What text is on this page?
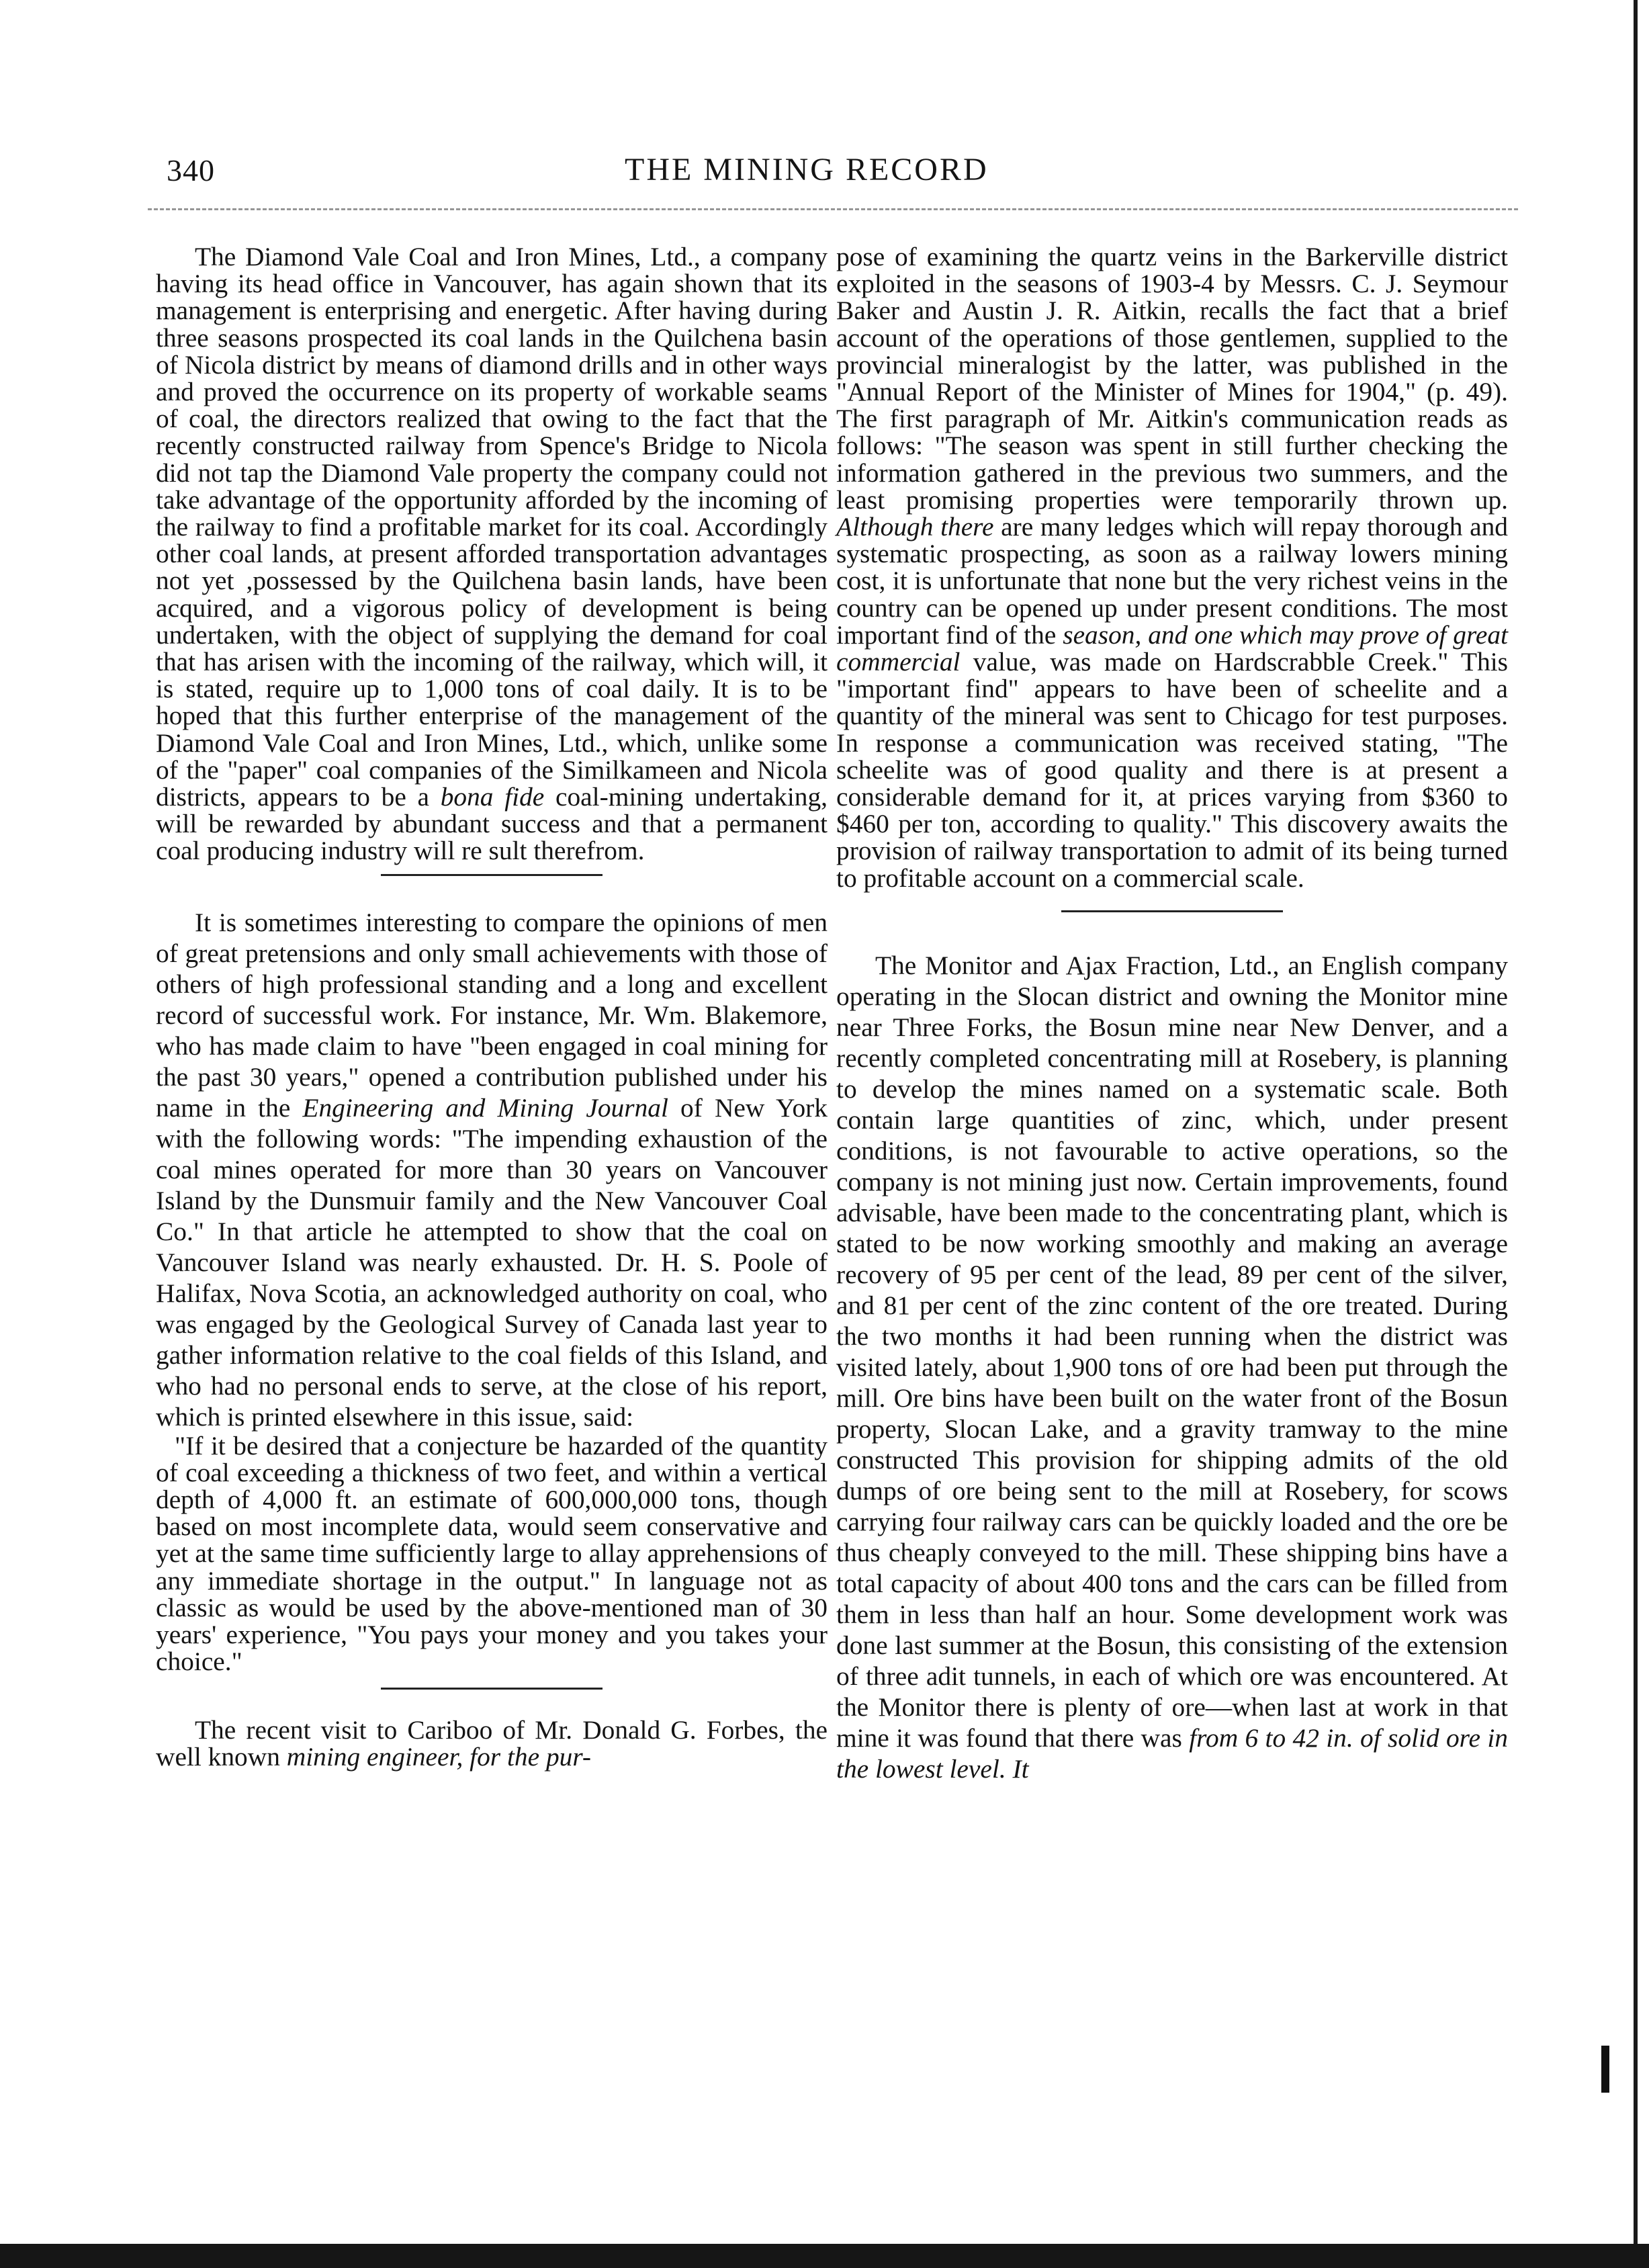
340	THE MINING RECORD

The Diamond Vale Coal and Iron Mines, Ltd., a company having its head office in Vancouver, has again shown that its management is enterprising and energetic. After having during three seasons prospected its coal lands in the Quilchena basin of Nicola district by means of diamond drills and in other ways and proved the occurrence on its property of workable seams of coal, the directors realized that owing to the fact that the recently constructed railway from Spence's Bridge to Nicola did not tap the Diamond Vale property the company could not take advantage of the opportunity afforded by the incoming of the railway to find a profitable market for its coal. Accordingly other coal lands, at present afforded transportation advantages not yet ,possessed by the Quilchena basin lands, have been acquired, and a vigorous policy of development is being undertaken, with the object of supplying the demand for coal that has arisen with the incoming of the railway, which will, it is stated, require up to 1,000 tons of coal daily. It is to be hoped that this further enterprise of the management of the Diamond Vale Coal and Iron Mines, Ltd., which, unlike some of the "paper" coal companies of the Similkameen and Nicola districts, appears to be a bona fide coal-mining undertaking, will be rewarded by abundant success and that a permanent coal producing industry will re sult therefrom.

It is sometimes interesting to compare the opinions of men of great pretensions and only small achievements with those of others of high professional standing and a long and excellent record of successful work. For instance, Mr. Wm. Blakemore, who has made claim to have "been engaged in coal mining for the past 30 years," opened a contribution published under his name in the Engineering and Mining Journal of New York with the following words: "The impending exhaustion of the coal mines operated for more than 30 years on Vancouver Island by the Dunsmuir family and the New Vancouver Coal Co." In that article he attempted to show that the coal on Vancouver Island was nearly exhausted. Dr. H. S. Poole of Halifax, Nova Scotia, an acknowledged authority on coal, who was engaged by the Geological Survey of Canada last year to gather information relative to the coal fields of this Island, and who had no personal ends to serve, at the close of his report, which is printed elsewhere in this issue, said:

"If it be desired that a conjecture be hazarded of the quantity of coal exceeding a thickness of two feet, and within a vertical depth of 4,000 ft. an estimate of 600,000,000 tons, though based on most incomplete data, would seem conservative and yet at the same time sufficiently large to allay apprehensions of any immediate shortage in the output." In language not as classic as would be used by the above-mentioned man of 30 years' experience, "You pays your money and you takes your choice."

The recent visit to Cariboo of Mr. Donald G. Forbes, the well known mining engineer, for the pur-

pose of examining the quartz veins in the Barkerville district exploited in the seasons of 1903-4 by Messrs. C. J. Seymour Baker and Austin J. R. Aitkin, recalls the fact that a brief account of the operations of those gentlemen, supplied to the provincial mineralogist by the latter, was published in the "Annual Report of the Minister of Mines for 1904," (p. 49). The first paragraph of Mr. Aitkin's communication reads as follows: "The season was spent in still further checking the information gathered in the previous two summers, and the least promising properties were temporarily thrown up. Although there are many ledges which will repay thorough and systematic prospecting, as soon as a railway lowers mining cost, it is unfortunate that none but the very richest veins in the country can be opened up under present conditions. The most important find of the season, and one which may prove of great commercial value, was made on Hardscrabble Creek." This "important find" appears to have been of scheelite and a quantity of the mineral was sent to Chicago for test purposes. In response a communication was received stating, "The scheelite was of good quality and there is at present a considerable demand for it, at prices varying from $360 to $460 per ton, according to quality." This discovery awaits the provision of railway transportation to admit of its being turned to profitable account on a commercial scale.

The Monitor and Ajax Fraction, Ltd., an English company operating in the Slocan district and owning the Monitor mine near Three Forks, the Bosun mine near New Denver, and a recently completed concentrating mill at Rosebery, is planning to develop the mines named on a systematic scale. Both contain large quantities of zinc, which, under present conditions, is not favourable to active operations, so the company is not mining just now. Certain improvements, found advisable, have been made to the concentrating plant, which is stated to be now working smoothly and making an average recovery of 95 per cent of the lead, 89 per cent of the silver, and 81 per cent of the zinc content of the ore treated. During the two months it had been running when the district was visited lately, about 1,900 tons of ore had been put through the mill. Ore bins have been built on the water front of the Bosun property, Slocan Lake, and a gravity tramway to the mine constructed This provision for shipping admits of the old dumps of ore being sent to the mill at Rosebery, for scows carrying four railway cars can be quickly loaded and the ore be thus cheaply conveyed to the mill. These shipping bins have a total capacity of about 400 tons and the cars can be filled from them in less than half an hour. Some development work was done last summer at the Bosun, this consisting of the extension of three adit tunnels, in each of which ore was encountered. At the Monitor there is plenty of ore—when last at work in that mine it was found that there was from 6 to 42 in. of solid ore in the lowest level. It
